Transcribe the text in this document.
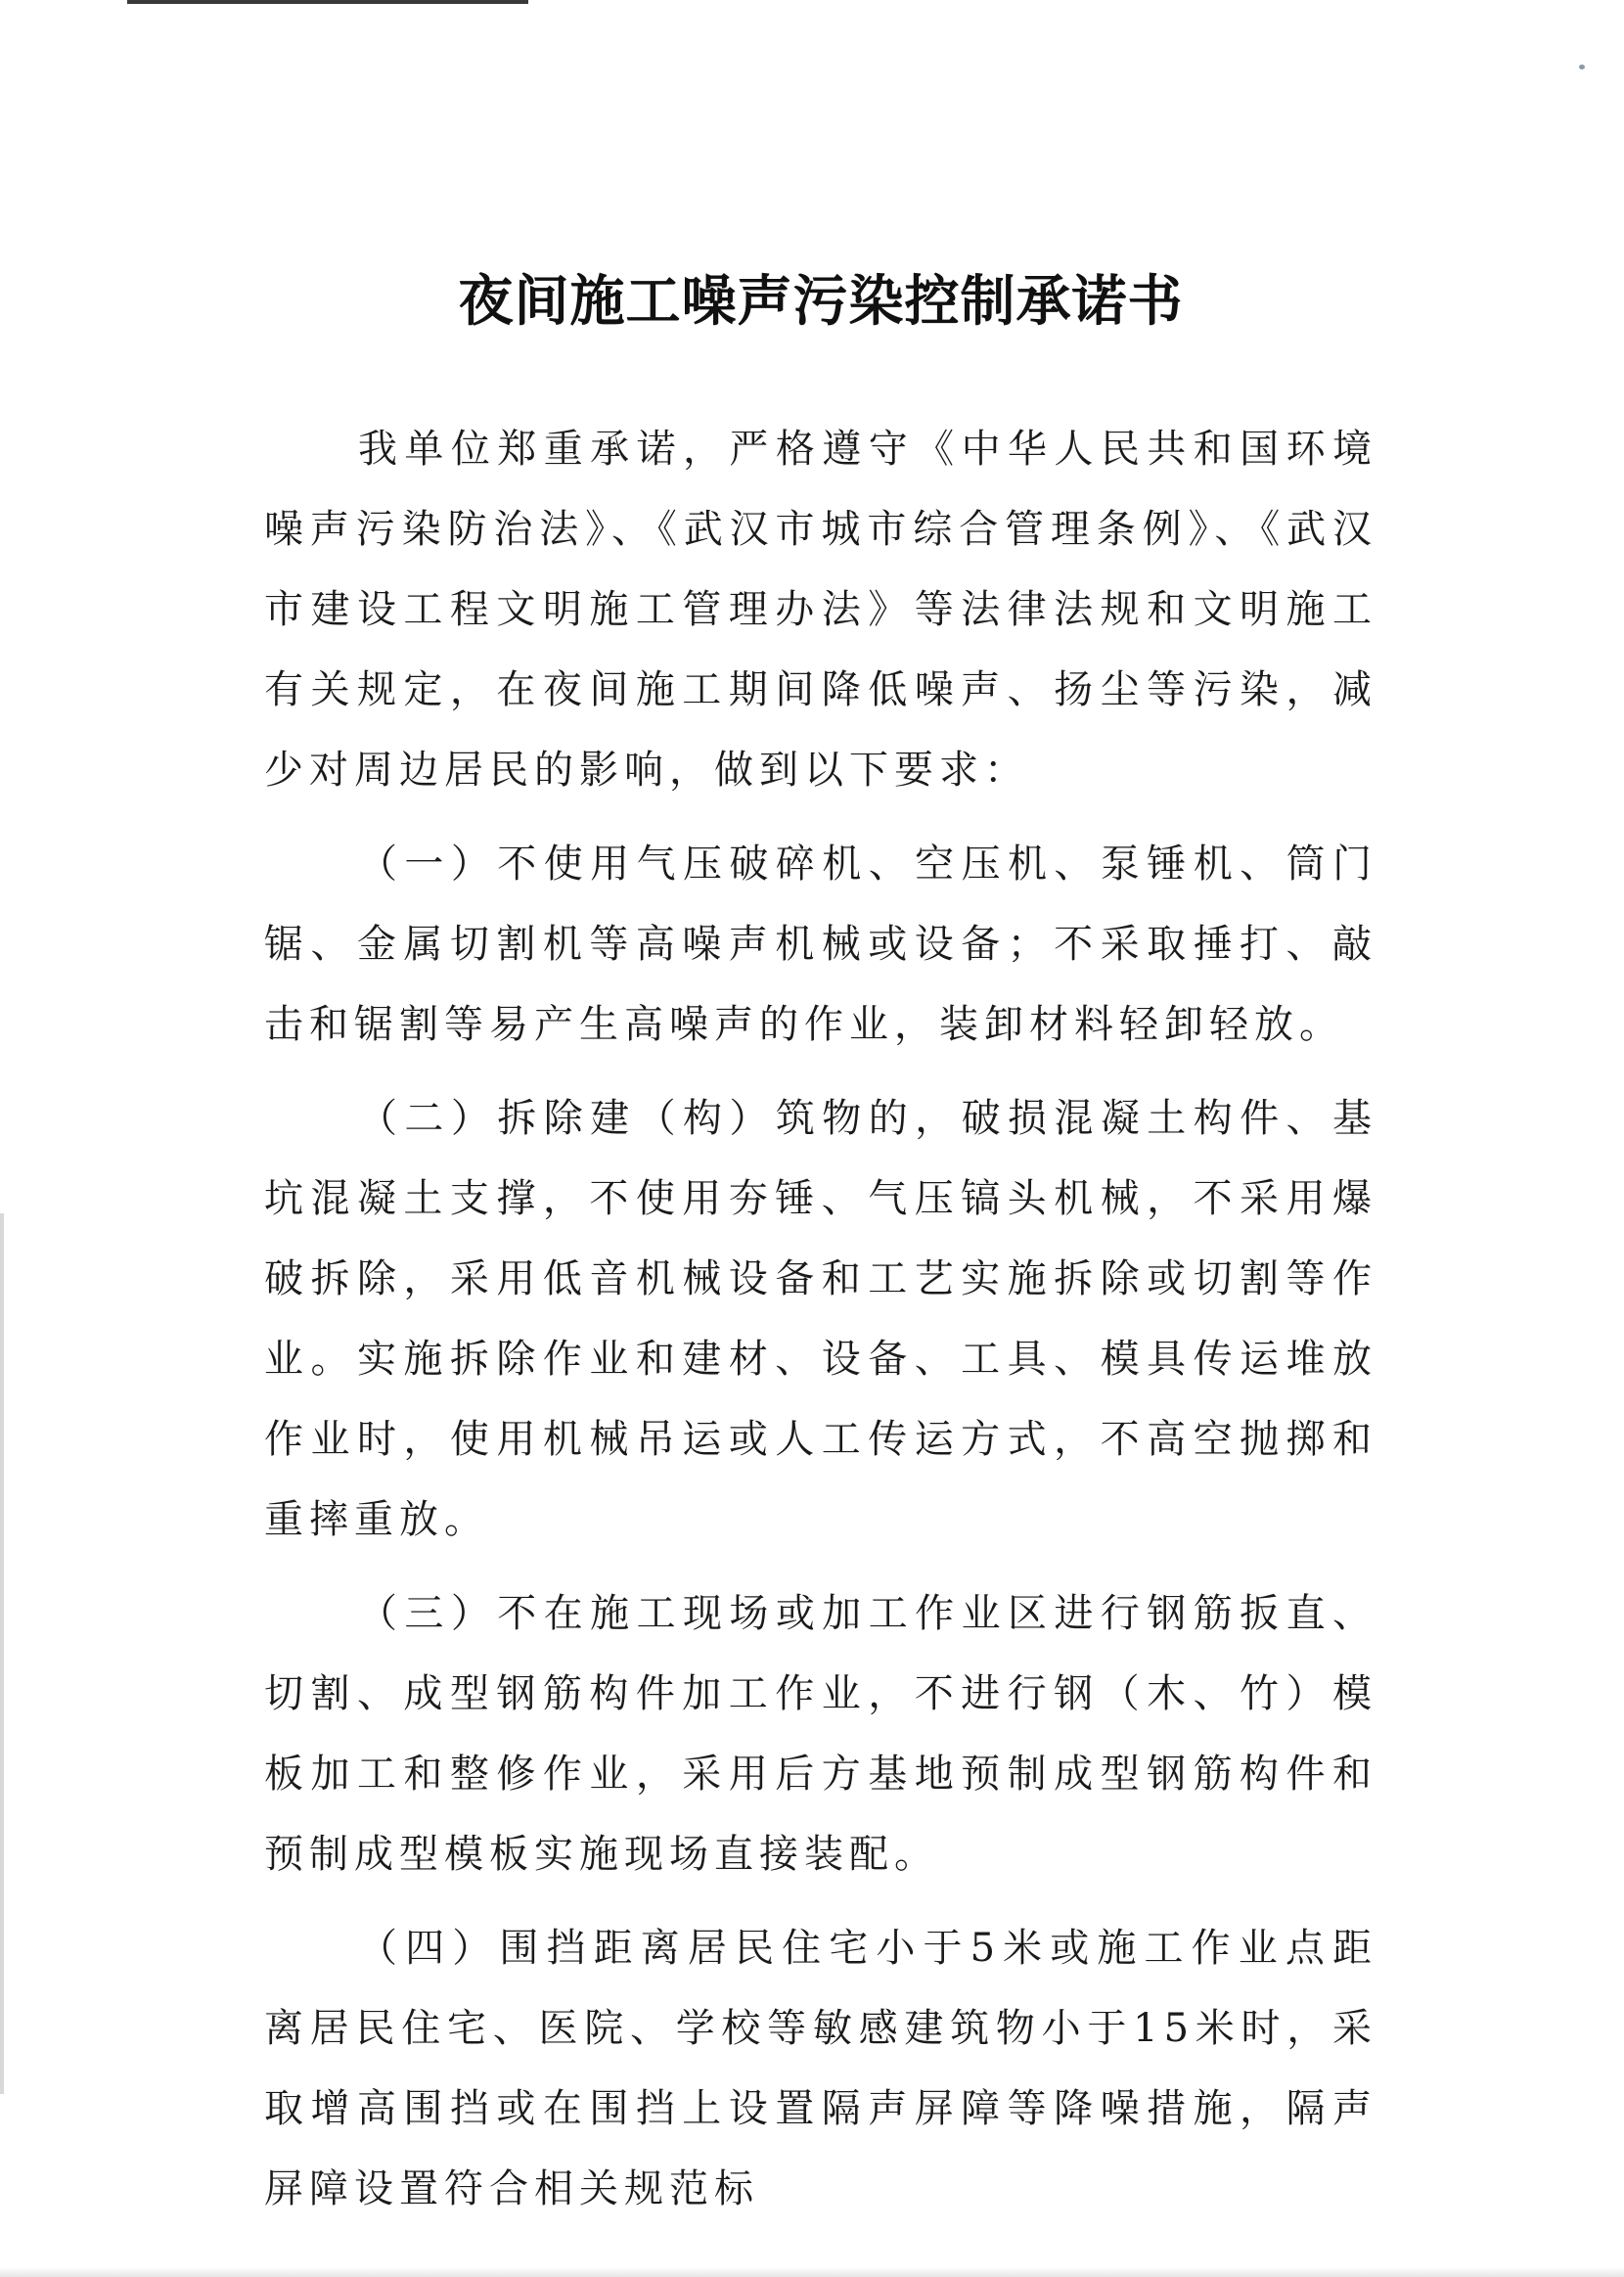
夜间施工噪声污染控制承诺书

我单位郑重承诺，严格遵守《中华人民共和国环境噪声污染防治法》、《武汉市城市综合管理条例》、《武汉市建设工程文明施工管理办法》等法律法规和文明施工有关规定，在夜间施工期间降低噪声、扬尘等污染，减少对周边居民的影响，做到以下要求：

（一）不使用气压破碎机、空压机、泵锤机、筒门锯、金属切割机等高噪声机械或设备；不采取捶打、敲击和锯割等易产生高噪声的作业，装卸材料轻卸轻放。

（二）拆除建（构）筑物的，破损混凝土构件、基坑混凝土支撑，不使用夯锤、气压镐头机械，不采用爆破拆除，采用低音机械设备和工艺实施拆除或切割等作业。实施拆除作业和建材、设备、工具、模具传运堆放作业时，使用机械吊运或人工传运方式，不高空抛掷和重摔重放。

（三）不在施工现场或加工作业区进行钢筋扳直、切割、成型钢筋构件加工作业，不进行钢（木、竹）模板加工和整修作业，采用后方基地预制成型钢筋构件和预制成型模板实施现场直接装配。

（四）围挡距离居民住宅小于5米或施工作业点距离居民住宅、医院、学校等敏感建筑物小于15米时，采取增高围挡或在围挡上设置隔声屏障等降噪措施，隔声屏障设置符合相关规范标
